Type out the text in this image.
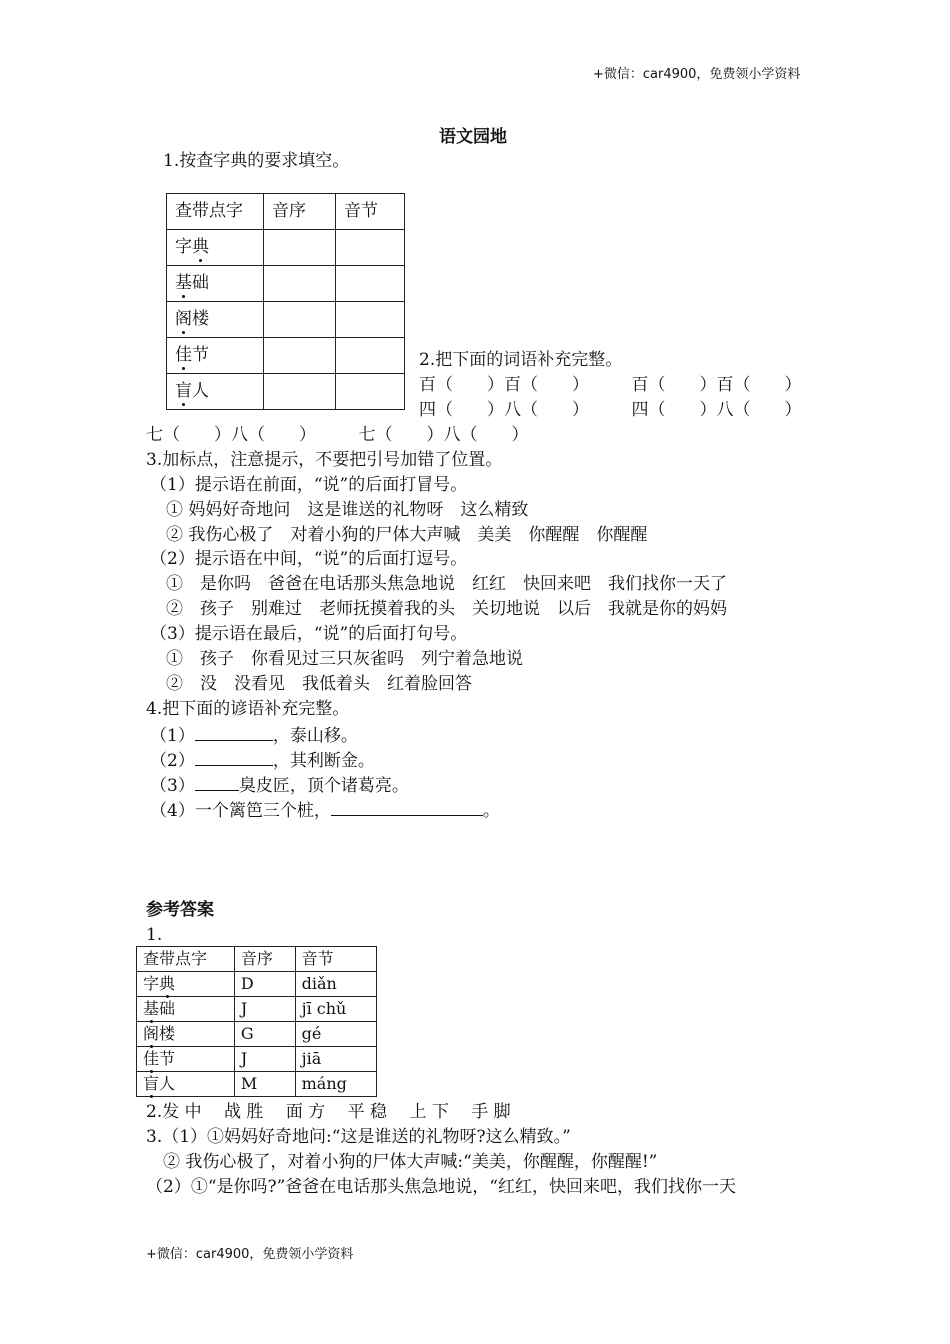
+微信：car4900，免费领小学资料
语文园地
1.按查字典的要求填空。
查带点字	音序	音节
字典		
基础		
阁楼		
佳节		
盲人		
2.把下面的词语补充完整。
百（　　）百（　　）　　　百（　　）百（　　）
四（　　）八（　　）　　　四（　　）八（　　）
七（　　）八（　　）　　　七（　　）八（　　）
3.加标点，注意提示，不要把引号加错了位置。
（1）提示语在前面，“说”的后面打冒号。
① 妈妈好奇地问　这是谁送的礼物呀　这么精致
② 我伤心极了　对着小狗的尸体大声喊　美美　你醒醒　你醒醒
（2）提示语在中间，“说”的后面打逗号。
①　是你吗　爸爸在电话那头焦急地说　红红　快回来吧　我们找你一天了
②　孩子　别难过　老师抚摸着我的头　关切地说　以后　我就是你的妈妈
（3）提示语在最后，“说”的后面打句号。
①　孩子　你看见过三只灰雀吗　列宁着急地说
②　没　没看见　我低着头　红着脸回答
4.把下面的谚语补充完整。
（1）	，泰山移。
（2）	，其利断金。
（3）	臭皮匠，顶个诸葛亮。
（4）一个篱笆三个桩，	。
参考答案
1.
查带点字	音序	音节
字典	D	diǎn
基础	J	jī chǔ
阁楼	G	gé
佳节	J	jiā
盲人	M	máng
2.发 中　 战 胜　 面 方　 平 稳　 上 下　 手 脚
3.（1）①妈妈好奇地问:“这是谁送的礼物呀?这么精致。”
　② 我伤心极了，对着小狗的尸体大声喊:“美美，你醒醒，你醒醒!”
（2）①“是你吗?”爸爸在电话那头焦急地说，“红红，快回来吧，我们找你一天
+微信：car4900，免费领小学资料
